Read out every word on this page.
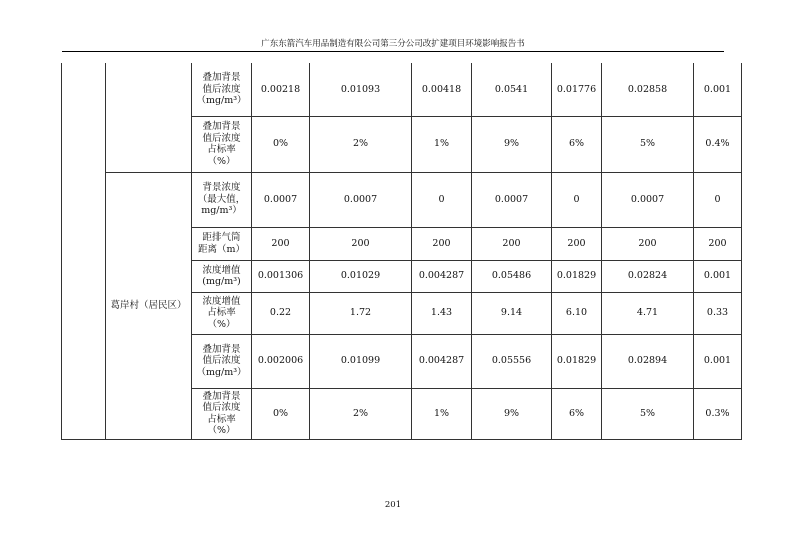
广东东箭汽车用品制造有限公司第三分公司改扩建项目环境影响报告书
		叠加背景
值后浓度
（mg/m³）	0.00218	0.01093	0.00418	0.0541	0.01776	0.02858	0.001
		叠加背景
值后浓度
占标率
（%）	0%	2%	1%	9%	6%	5%	0.4%
	葛岸村（居民区）	背景浓度
（最大值，
mg/m³）	0.0007	0.0007	0	0.0007	0	0.0007	0
		距排气筒
距离（m）	200	200	200	200	200	200	200
		浓度增值
(mg/m³)	0.001306	0.01029	0.004287	0.05486	0.01829	0.02824	0.001
		浓度增值
占标率
（%）	0.22	1.72	1.43	9.14	6.10	4.71	0.33
		叠加背景
值后浓度
（mg/m³）	0.002006	0.01099	0.004287	0.05556	0.01829	0.02894	0.001
		叠加背景
值后浓度
占标率
（%）	0%	2%	1%	9%	6%	5%	0.3%
201
